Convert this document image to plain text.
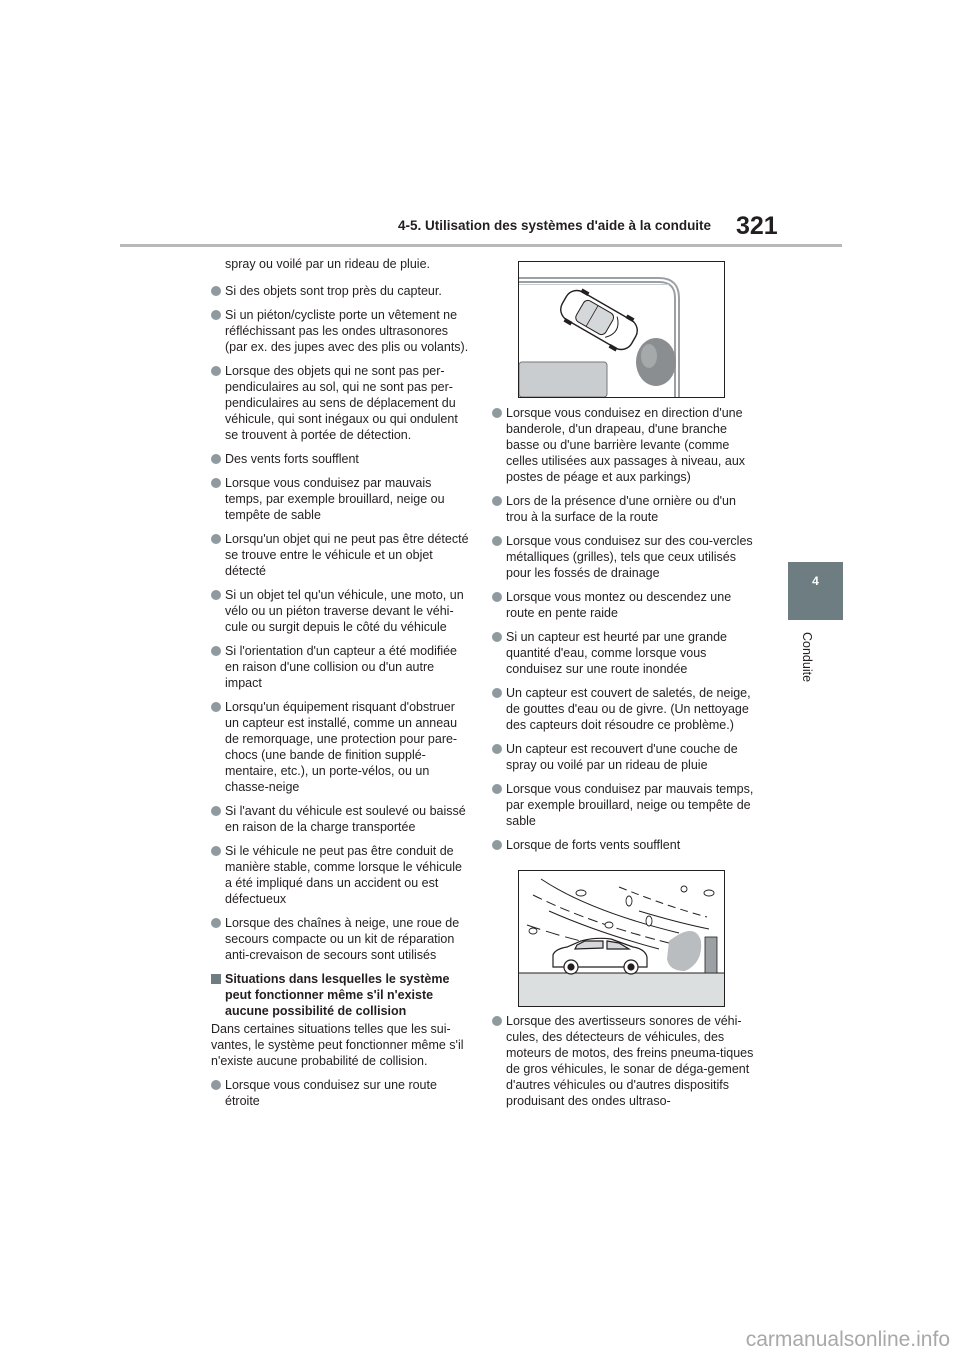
4-5. Utilisation des systèmes d'aide à la conduite 321
4
Conduite
spray ou voilé par un rideau de pluie.
Si des objets sont trop près du capteur.
Si un piéton/cycliste porte un vêtement ne réfléchissant pas les ondes ultrasonores (par ex. des jupes avec des plis ou volants).
Lorsque des objets qui ne sont pas per-pendiculaires au sol, qui ne sont pas per-pendiculaires au sens de déplacement du véhicule, qui sont inégaux ou qui ondulent se trouvent à portée de détection.
Des vents forts soufflent
Lorsque vous conduisez par mauvais temps, par exemple brouillard, neige ou tempête de sable
Lorsqu'un objet qui ne peut pas être détecté se trouve entre le véhicule et un objet détecté
Si un objet tel qu'un véhicule, une moto, un vélo ou un piéton traverse devant le véhi-cule ou surgit depuis le côté du véhicule
Si l'orientation d'un capteur a été modifiée en raison d'une collision ou d'un autre impact
Lorsqu'un équipement risquant d'obstruer un capteur est installé, comme un anneau de remorquage, une protection pour pare-chocs (une bande de finition supplé-mentaire, etc.), un porte-vélos, ou un chasse-neige
Si l'avant du véhicule est soulevé ou baissé en raison de la charge transportée
Si le véhicule ne peut pas être conduit de manière stable, comme lorsque le véhicule a été impliqué dans un accident ou est défectueux
Lorsque des chaînes à neige, une roue de secours compacte ou un kit de réparation anti-crevaison de secours sont utilisés
Situations dans lesquelles le système peut fonctionner même s'il n'existe aucune possibilité de collision
Dans certaines situations telles que les sui-vantes, le système peut fonctionner même s'il n'existe aucune probabilité de collision.
Lorsque vous conduisez sur une route étroite
Lorsque vous conduisez en direction d'une banderole, d'un drapeau, d'une branche basse ou d'une barrière levante (comme celles utilisées aux passages à niveau, aux postes de péage et aux parkings)
Lors de la présence d'une ornière ou d'un trou à la surface de la route
Lorsque vous conduisez sur des cou-vercles métalliques (grilles), tels que ceux utilisés pour les fossés de drainage
Lorsque vous montez ou descendez une route en pente raide
Si un capteur est heurté par une grande quantité d'eau, comme lorsque vous conduisez sur une route inondée
Un capteur est couvert de saletés, de neige, de gouttes d'eau ou de givre. (Un nettoyage des capteurs doit résoudre ce problème.)
Un capteur est recouvert d'une couche de spray ou voilé par un rideau de pluie
Lorsque vous conduisez par mauvais temps, par exemple brouillard, neige ou tempête de sable
Lorsque de forts vents soufflent
Lorsque des avertisseurs sonores de véhi-cules, des détecteurs de véhicules, des moteurs de motos, des freins pneuma-tiques de gros véhicules, le sonar de déga-gement d'autres véhicules ou d'autres dispositifs produisant des ondes ultraso-
carmanualsonline.info
